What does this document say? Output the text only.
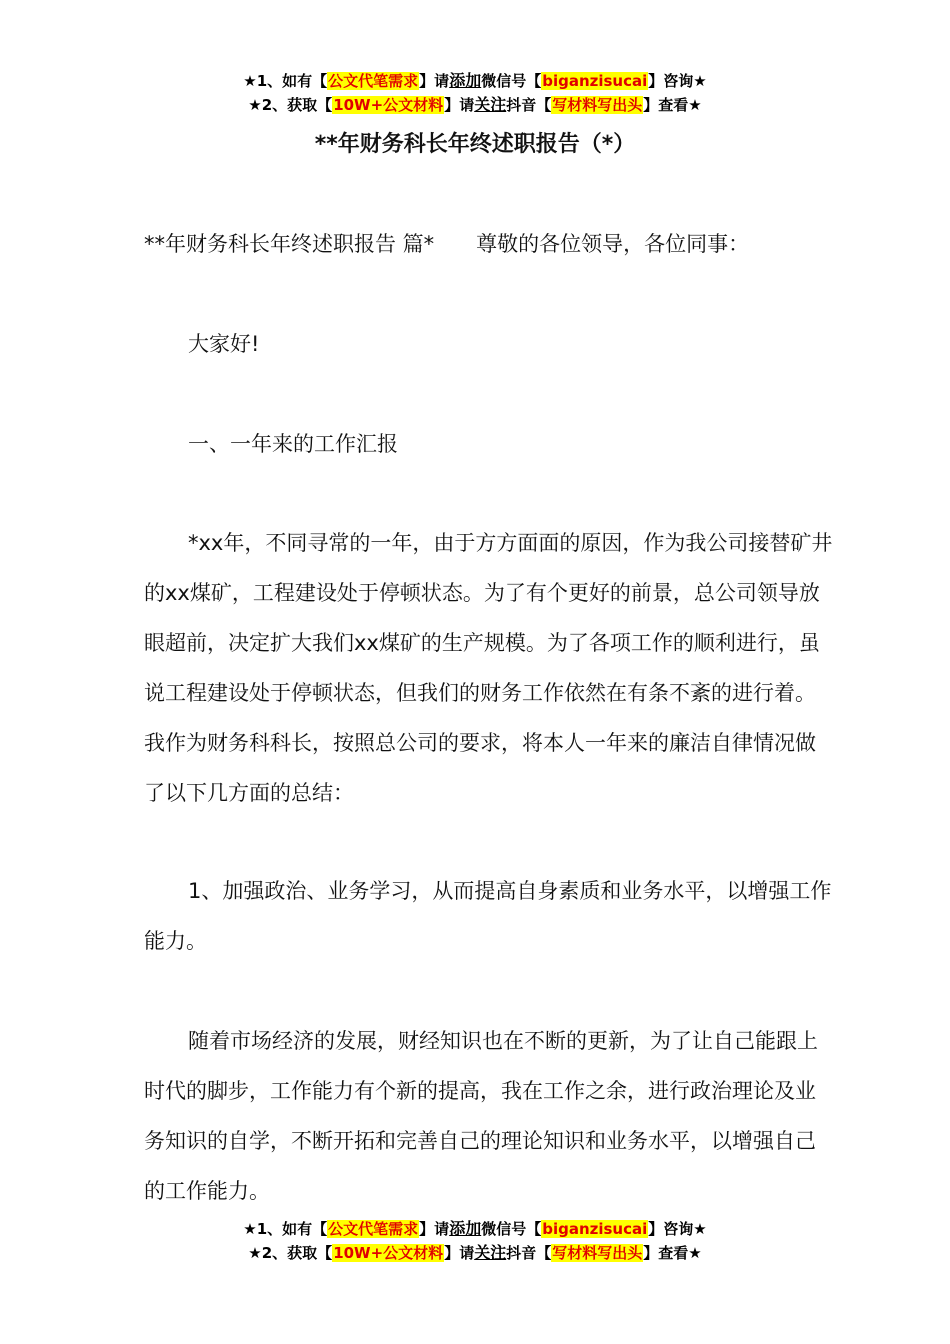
★1、如有【公文代笔需求】请添加微信号【biganzisucai】咨询★
★2、获取【10W+公文材料】请关注抖音【写材料写出头】查看★
**年财务科长年终述职报告（*）

**年财务科长年终述职报告 篇*　　尊敬的各位领导，各位同事：

大家好!

一、一年来的工作汇报

*xx年，不同寻常的一年，由于方方面面的原因，作为我公司接替矿井的xx煤矿，工程建设处于停顿状态。为了有个更好的前景，总公司领导放眼超前，决定扩大我们xx煤矿的生产规模。为了各项工作的顺利进行，虽说工程建设处于停顿状态，但我们的财务工作依然在有条不紊的进行着。我作为财务科科长，按照总公司的要求，将本人一年来的廉洁自律情况做了以下几方面的总结：

1、加强政治、业务学习，从而提高自身素质和业务水平，以增强工作能力。

随着市场经济的发展，财经知识也在不断的更新，为了让自己能跟上时代的脚步，工作能力有个新的提高，我在工作之余，进行政治理论及业务知识的自学，不断开拓和完善自己的理论知识和业务水平，以增强自己的工作能力。

★1、如有【公文代笔需求】请添加微信号【biganzisucai】咨询★
★2、获取【10W+公文材料】请关注抖音【写材料写出头】查看★
